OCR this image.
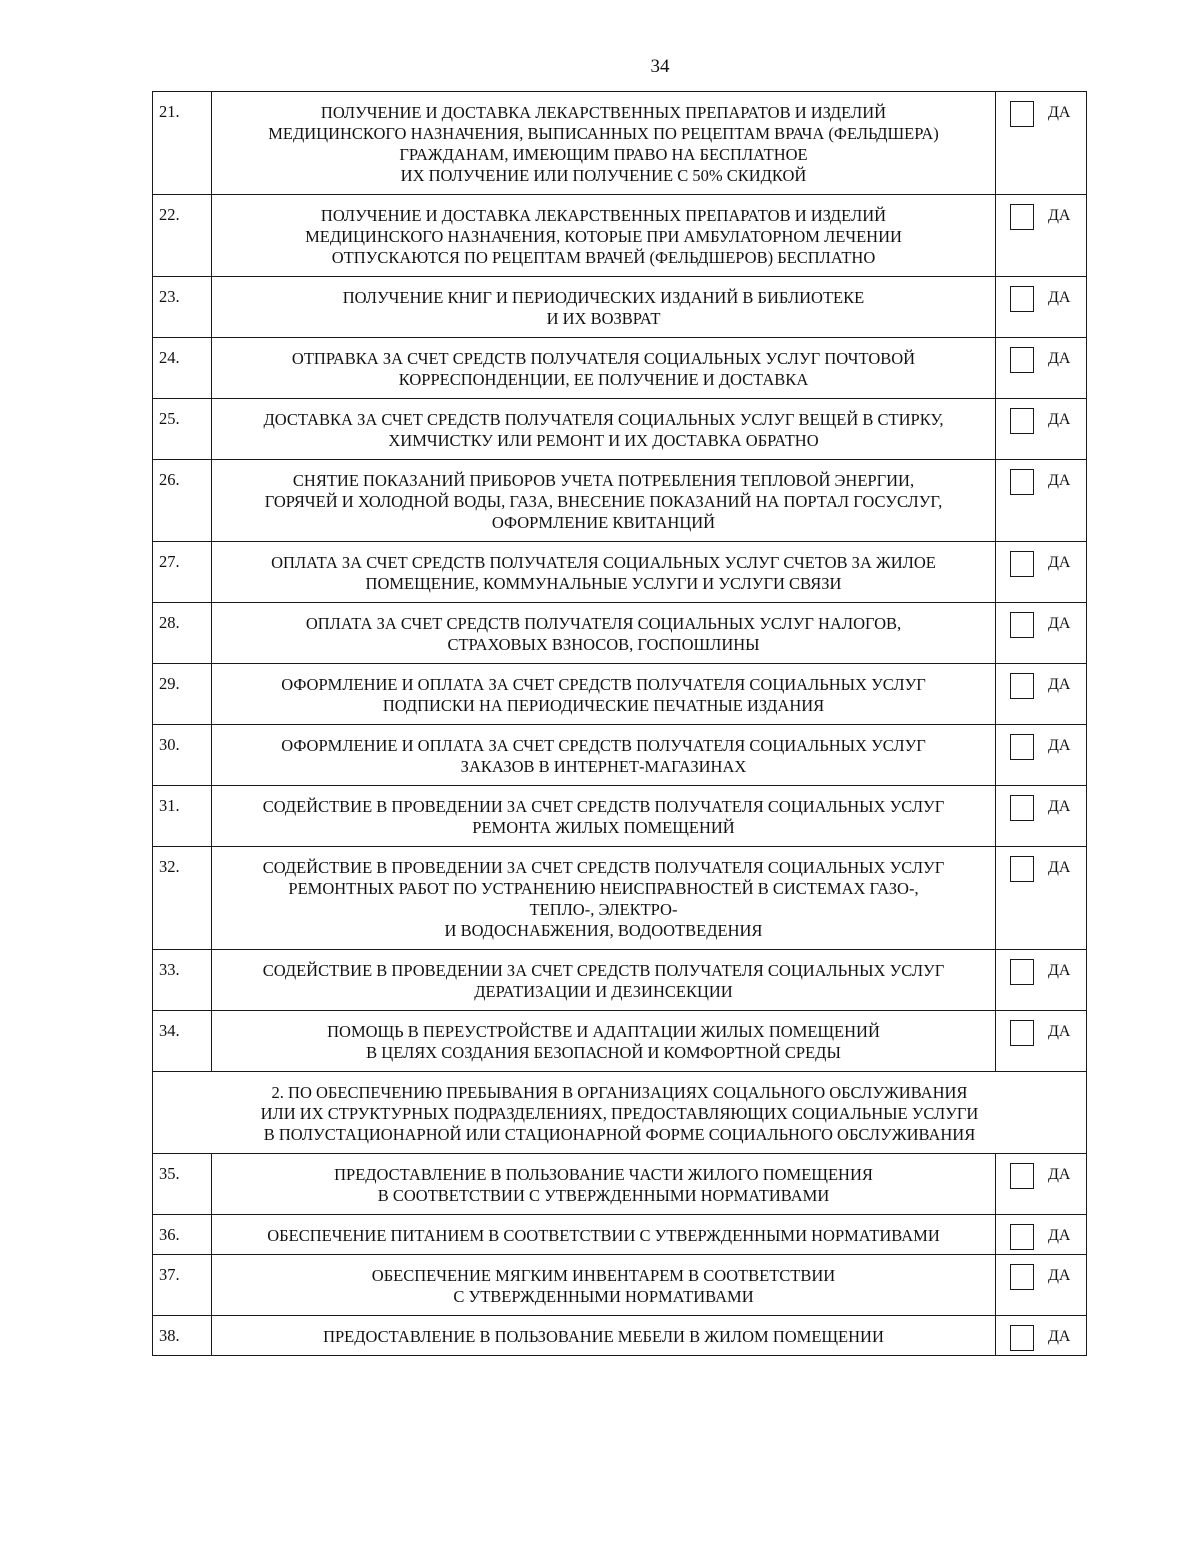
34
21.	ПОЛУЧЕНИЕ И ДОСТАВКА ЛЕКАРСТВЕННЫХ ПРЕПАРАТОВ И ИЗДЕЛИЙ
МЕДИЦИНСКОГО НАЗНАЧЕНИЯ, ВЫПИСАННЫХ ПО РЕЦЕПТАМ ВРАЧА (ФЕЛЬДШЕРА)
ГРАЖДАНАМ, ИМЕЮЩИМ ПРАВО НА БЕСПЛАТНОЕ
ИХ ПОЛУЧЕНИЕ ИЛИ ПОЛУЧЕНИЕ С 50% СКИДКОЙ	ДА

22.	ПОЛУЧЕНИЕ И ДОСТАВКА ЛЕКАРСТВЕННЫХ ПРЕПАРАТОВ И ИЗДЕЛИЙ
МЕДИЦИНСКОГО НАЗНАЧЕНИЯ, КОТОРЫЕ ПРИ АМБУЛАТОРНОМ ЛЕЧЕНИИ
ОТПУСКАЮТСЯ ПО РЕЦЕПТАМ ВРАЧЕЙ (ФЕЛЬДШЕРОВ) БЕСПЛАТНО	ДА

23.	ПОЛУЧЕНИЕ КНИГ И ПЕРИОДИЧЕСКИХ ИЗДАНИЙ В БИБЛИОТЕКЕ
И ИХ ВОЗВРАТ	ДА

24.	ОТПРАВКА ЗА СЧЕТ СРЕДСТВ ПОЛУЧАТЕЛЯ СОЦИАЛЬНЫХ УСЛУГ ПОЧТОВОЙ
КОРРЕСПОНДЕНЦИИ, ЕЕ ПОЛУЧЕНИЕ И ДОСТАВКА	ДА

25.	ДОСТАВКА ЗА СЧЕТ СРЕДСТВ ПОЛУЧАТЕЛЯ СОЦИАЛЬНЫХ УСЛУГ ВЕЩЕЙ В СТИРКУ,
ХИМЧИСТКУ ИЛИ РЕМОНТ И ИХ ДОСТАВКА ОБРАТНО	ДА

26.	СНЯТИЕ ПОКАЗАНИЙ ПРИБОРОВ УЧЕТА ПОТРЕБЛЕНИЯ ТЕПЛОВОЙ ЭНЕРГИИ,
ГОРЯЧЕЙ И ХОЛОДНОЙ ВОДЫ, ГАЗА, ВНЕСЕНИЕ ПОКАЗАНИЙ НА ПОРТАЛ ГОСУСЛУГ,
ОФОРМЛЕНИЕ КВИТАНЦИЙ	ДА

27.	ОПЛАТА ЗА СЧЕТ СРЕДСТВ ПОЛУЧАТЕЛЯ СОЦИАЛЬНЫХ УСЛУГ СЧЕТОВ ЗА ЖИЛОЕ
ПОМЕЩЕНИЕ, КОММУНАЛЬНЫЕ УСЛУГИ И УСЛУГИ СВЯЗИ	ДА

28.	ОПЛАТА ЗА СЧЕТ СРЕДСТВ ПОЛУЧАТЕЛЯ СОЦИАЛЬНЫХ УСЛУГ НАЛОГОВ,
СТРАХОВЫХ ВЗНОСОВ, ГОСПОШЛИНЫ	ДА

29.	ОФОРМЛЕНИЕ И ОПЛАТА ЗА СЧЕТ СРЕДСТВ ПОЛУЧАТЕЛЯ СОЦИАЛЬНЫХ УСЛУГ
ПОДПИСКИ НА ПЕРИОДИЧЕСКИЕ ПЕЧАТНЫЕ ИЗДАНИЯ	ДА

30.	ОФОРМЛЕНИЕ И ОПЛАТА ЗА СЧЕТ СРЕДСТВ ПОЛУЧАТЕЛЯ СОЦИАЛЬНЫХ УСЛУГ
ЗАКАЗОВ В ИНТЕРНЕТ-МАГАЗИНАХ	ДА

31.	СОДЕЙСТВИЕ В ПРОВЕДЕНИИ ЗА СЧЕТ СРЕДСТВ ПОЛУЧАТЕЛЯ СОЦИАЛЬНЫХ УСЛУГ
РЕМОНТА ЖИЛЫХ ПОМЕЩЕНИЙ	ДА

32.	СОДЕЙСТВИЕ В ПРОВЕДЕНИИ ЗА СЧЕТ СРЕДСТВ ПОЛУЧАТЕЛЯ СОЦИАЛЬНЫХ УСЛУГ
РЕМОНТНЫХ РАБОТ ПО УСТРАНЕНИЮ НЕИСПРАВНОСТЕЙ В СИСТЕМАХ ГАЗО-,
ТЕПЛО-, ЭЛЕКТРО-
И ВОДОСНАБЖЕНИЯ, ВОДООТВЕДЕНИЯ	ДА

33.	СОДЕЙСТВИЕ В ПРОВЕДЕНИИ ЗА СЧЕТ СРЕДСТВ ПОЛУЧАТЕЛЯ СОЦИАЛЬНЫХ УСЛУГ
ДЕРАТИЗАЦИИ И ДЕЗИНСЕКЦИИ	ДА

34.	ПОМОЩЬ В ПЕРЕУСТРОЙСТВЕ И АДАПТАЦИИ ЖИЛЫХ ПОМЕЩЕНИЙ
В ЦЕЛЯХ СОЗДАНИЯ БЕЗОПАСНОЙ И КОМФОРТНОЙ СРЕДЫ	ДА

2. ПО ОБЕСПЕЧЕНИЮ ПРЕБЫВАНИЯ В ОРГАНИЗАЦИЯХ СОЦАЛЬНОГО ОБСЛУЖИВАНИЯ
ИЛИ ИХ СТРУКТУРНЫХ ПОДРАЗДЕЛЕНИЯХ, ПРЕДОСТАВЛЯЮЩИХ СОЦИАЛЬНЫЕ УСЛУГИ
В ПОЛУСТАЦИОНАРНОЙ ИЛИ СТАЦИОНАРНОЙ ФОРМЕ СОЦИАЛЬНОГО ОБСЛУЖИВАНИЯ		

35.	ПРЕДОСТАВЛЕНИЕ В ПОЛЬЗОВАНИЕ ЧАСТИ ЖИЛОГО ПОМЕЩЕНИЯ
В СООТВЕТСТВИИ С УТВЕРЖДЕННЫМИ НОРМАТИВАМИ	ДА

36.	ОБЕСПЕЧЕНИЕ ПИТАНИЕМ В СООТВЕТСТВИИ С УТВЕРЖДЕННЫМИ НОРМАТИВАМИ	ДА

37.	ОБЕСПЕЧЕНИЕ МЯГКИМ ИНВЕНТАРЕМ В СООТВЕТСТВИИ
С УТВЕРЖДЕННЫМИ НОРМАТИВАМИ	ДА

38.	ПРЕДОСТАВЛЕНИЕ В ПОЛЬЗОВАНИЕ МЕБЕЛИ В ЖИЛОМ ПОМЕЩЕНИИ	ДА
